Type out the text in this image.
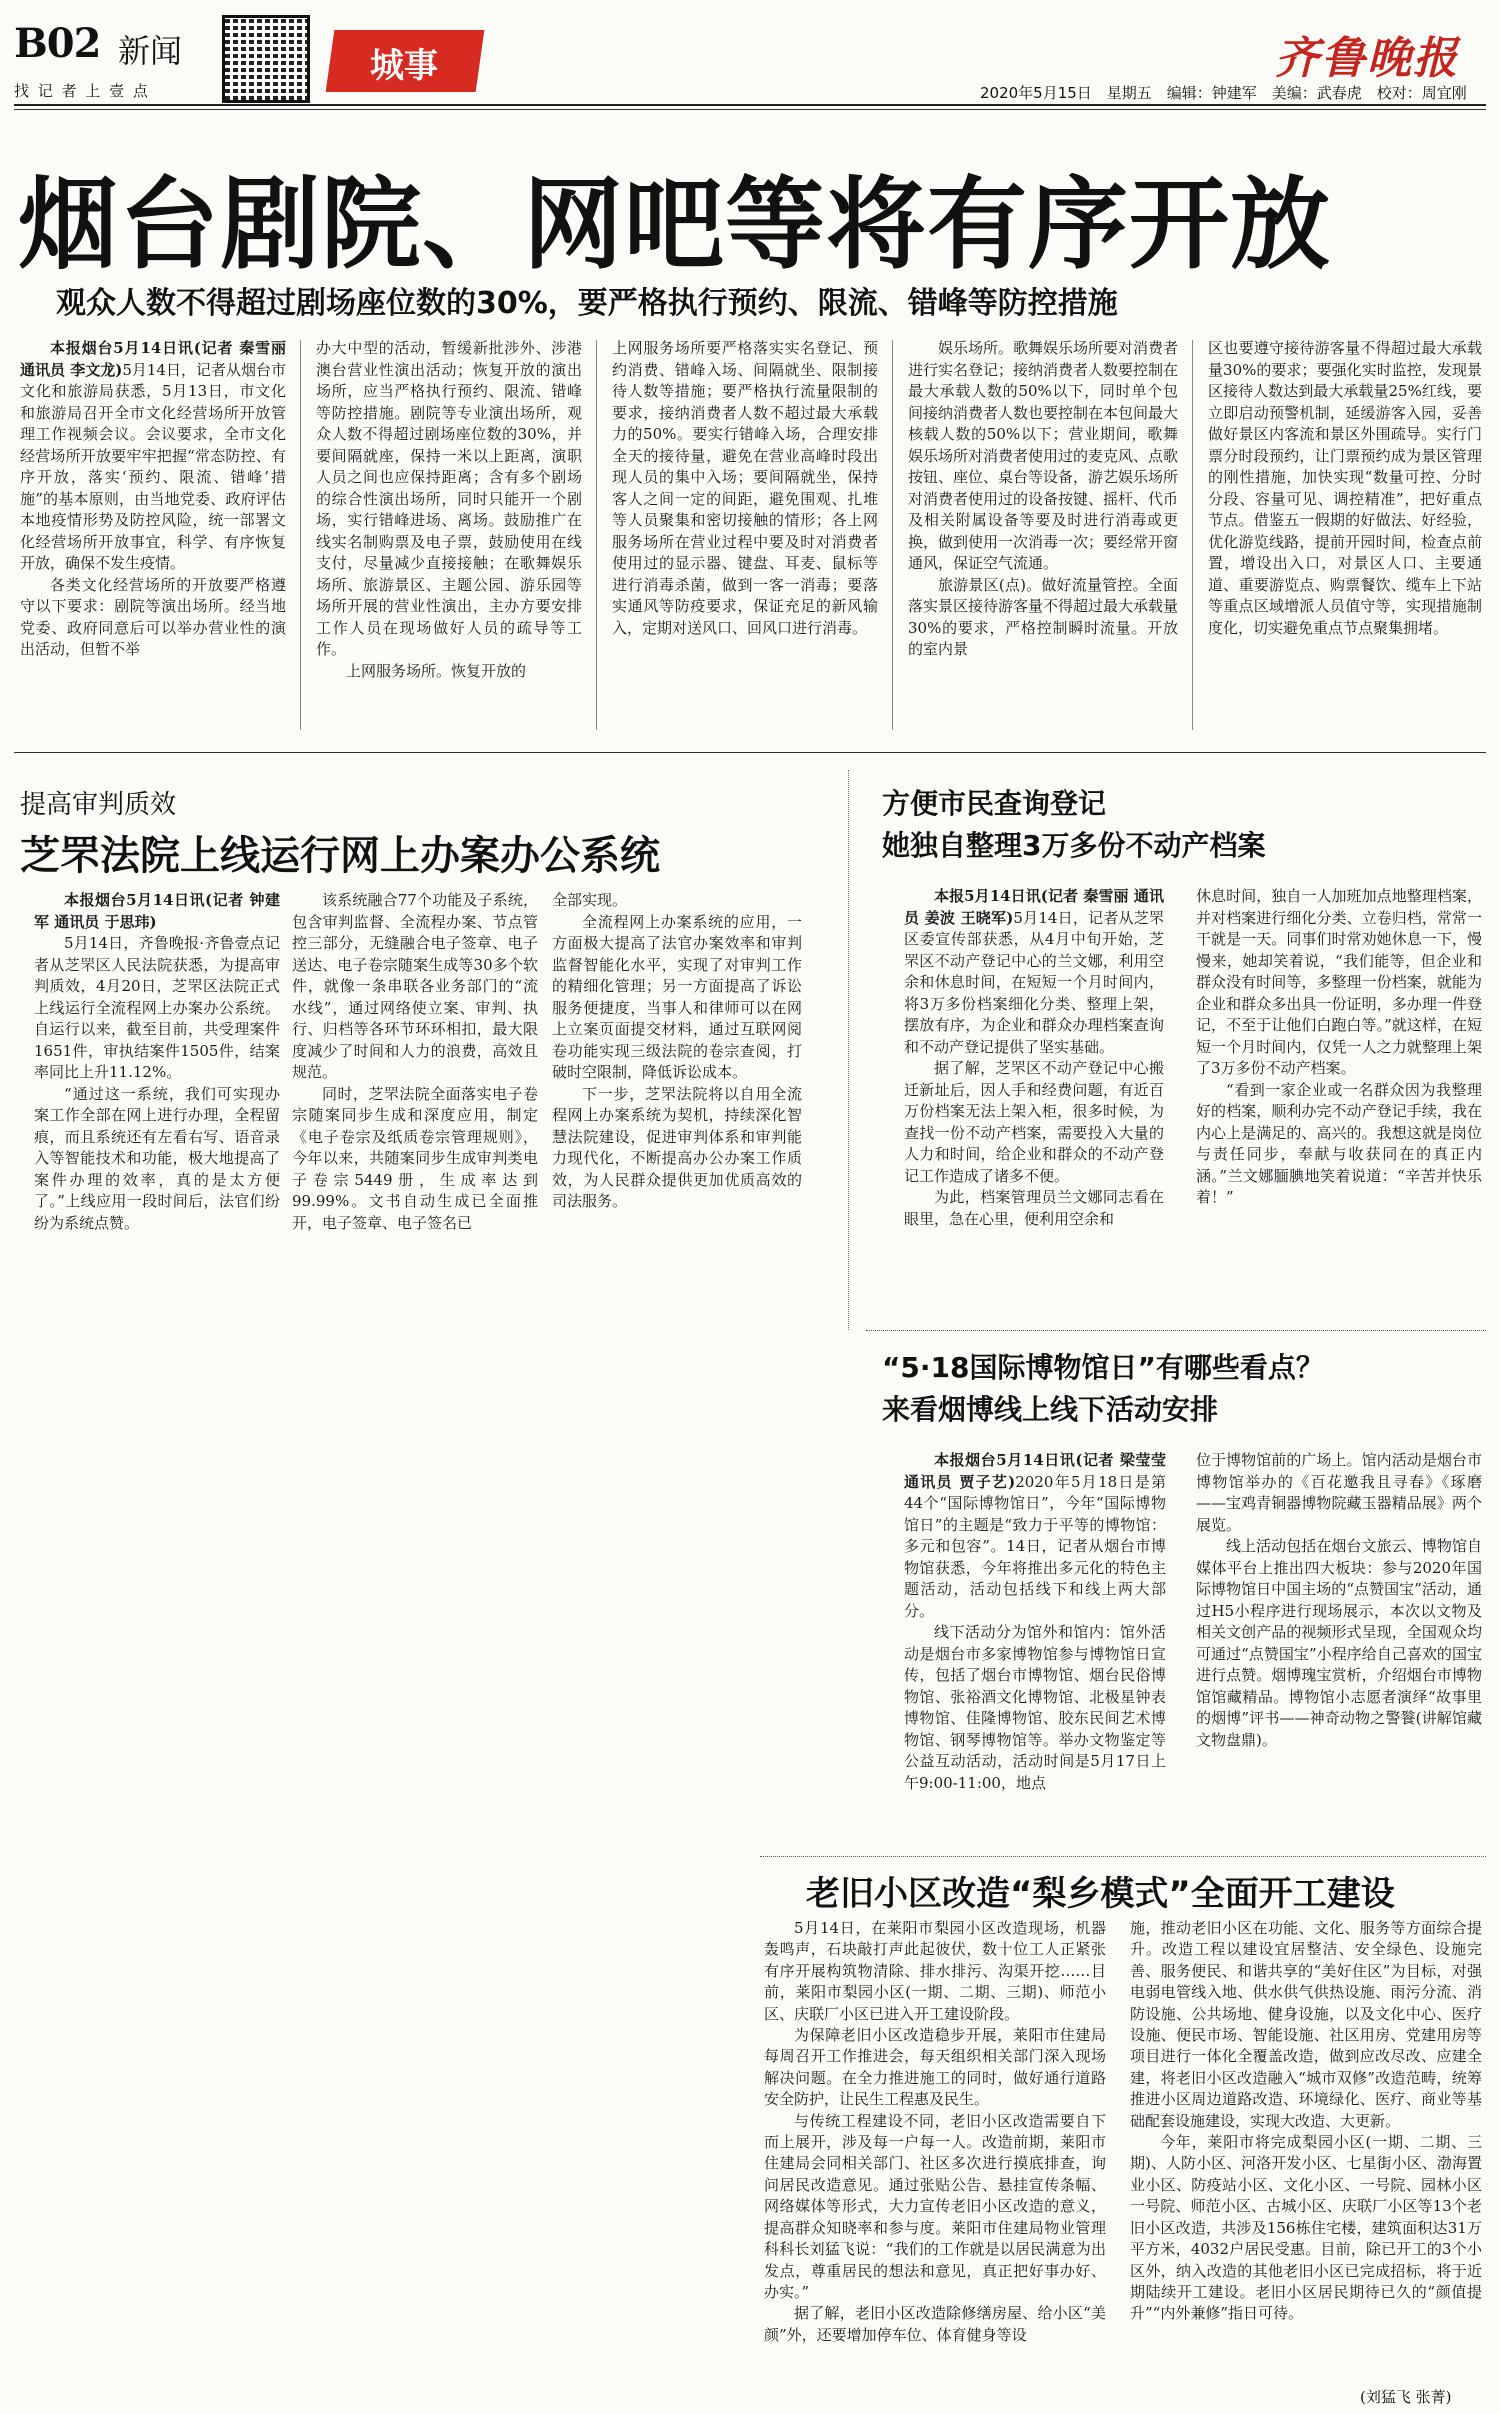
B02 新闻
找 记 者 上 壹 点
城事	齐鲁晚报
2020年5月15日　星期五　编辑：钟建军　美编：武春虎　校对：周宜刚
烟台剧院、网吧等将有序开放
观众人数不得超过剧场座位数的30%，要严格执行预约、限流、错峰等防控措施

本报烟台5月14日讯(记者 秦雪丽 通讯员 李文龙)5月14日，记者从烟台市文化和旅游局获悉，5月13日，市文化和旅游局召开全市文化经营场所开放管理工作视频会议。会议要求，全市文化经营场所开放要牢牢把握“常态防控、有序开放，落实‘预约、限流、错峰’措施”的基本原则，由当地党委、政府评估本地疫情形势及防控风险，统一部署文化经营场所开放事宜，科学、有序恢复开放，确保不发生疫情。

各类文化经营场所的开放要严格遵守以下要求：剧院等演出场所。经当地党委、政府同意后可以举办营业性的演出活动，但暂不举

办大中型的活动，暂缓新批涉外、涉港澳台营业性演出活动；恢复开放的演出场所，应当严格执行预约、限流、错峰等防控措施。剧院等专业演出场所，观众人数不得超过剧场座位数的30%，并要间隔就座，保持一米以上距离，演职人员之间也应保持距离；含有多个剧场的综合性演出场所，同时只能开一个剧场，实行错峰进场、离场。鼓励推广在线实名制购票及电子票，鼓励使用在线支付，尽量减少直接接触；在歌舞娱乐场所、旅游景区、主题公园、游乐园等场所开展的营业性演出，主办方要安排工作人员在现场做好人员的疏导等工作。

上网服务场所。恢复开放的

上网服务场所要严格落实实名登记、预约消费、错峰入场、间隔就坐、限制接待人数等措施；要严格执行流量限制的要求，接纳消费者人数不超过最大承载力的50%。要实行错峰入场，合理安排全天的接待量，避免在营业高峰时段出现人员的集中入场；要间隔就坐，保持客人之间一定的间距，避免围观、扎堆等人员聚集和密切接触的情形；各上网服务场所在营业过程中要及时对消费者使用过的显示器、键盘、耳麦、鼠标等进行消毒杀菌，做到一客一消毒；要落实通风等防疫要求，保证充足的新风输入，定期对送风口、回风口进行消毒。

娱乐场所。歌舞娱乐场所要对消费者进行实名登记；接纳消费者人数要控制在最大承载人数的50%以下，同时单个包间接纳消费者人数也要控制在本包间最大核载人数的50%以下；营业期间，歌舞娱乐场所对消费者使用过的麦克风、点歌按钮、座位、桌台等设备，游艺娱乐场所对消费者使用过的设备按键、摇杆、代币及相关附属设备等要及时进行消毒或更换，做到使用一次消毒一次；要经常开窗通风，保证空气流通。

旅游景区(点)。做好流量管控。全面落实景区接待游客量不得超过最大承载量30%的要求，严格控制瞬时流量。开放的室内景

区也要遵守接待游客量不得超过最大承载量30%的要求；要强化实时监控，发现景区接待人数达到最大承载量25%红线，要立即启动预警机制，延缓游客入园，妥善做好景区内客流和景区外围疏导。实行门票分时段预约，让门票预约成为景区管理的刚性措施，加快实现“数量可控、分时分段、容量可见、调控精准”，把好重点节点。借鉴五一假期的好做法、好经验，优化游览线路，提前开园时间，检查点前置，增设出入口，对景区人口、主要通道、重要游览点、购票餐饮、缆车上下站等重点区域增派人员值守等，实现措施制度化，切实避免重点节点聚集拥堵。

提高审判质效
芝罘法院上线运行网上办案办公系统

本报烟台5月14日讯(记者 钟建军 通讯员 于思玮)

5月14日，齐鲁晚报·齐鲁壹点记者从芝罘区人民法院获悉，为提高审判质效，4月20日，芝罘区法院正式上线运行全流程网上办案办公系统。自运行以来，截至目前，共受理案件1651件，审执结案件1505件，结案率同比上升11.12%。

“通过这一系统，我们可实现办案工作全部在网上进行办理，全程留痕，而且系统还有左看右写、语音录入等智能技术和功能，极大地提高了案件办理的效率，真的是太方便了。”上线应用一段时间后，法官们纷纷为系统点赞。

该系统融合77个功能及子系统，包含审判监督、全流程办案、节点管控三部分，无缝融合电子签章、电子送达、电子卷宗随案生成等30多个软件，就像一条串联各业务部门的“流水线”，通过网络使立案、审判、执行、归档等各环节环环相扣，最大限度减少了时间和人力的浪费，高效且规范。

同时，芝罘法院全面落实电子卷宗随案同步生成和深度应用，制定《电子卷宗及纸质卷宗管理规则》，今年以来，共随案同步生成审判类电子卷宗5449册，生成率达到99.99%。文书自动生成已全面推开，电子签章、电子签名已

全部实现。

全流程网上办案系统的应用，一方面极大提高了法官办案效率和审判监督智能化水平，实现了对审判工作的精细化管理；另一方面提高了诉讼服务便捷度，当事人和律师可以在网上立案页面提交材料，通过互联网阅卷功能实现三级法院的卷宗查阅，打破时空限制，降低诉讼成本。

下一步，芝罘法院将以自用全流程网上办案系统为契机，持续深化智慧法院建设，促进审判体系和审判能力现代化，不断提高办公办案工作质效，为人民群众提供更加优质高效的司法服务。

方便市民查询登记
她独自整理3万多份不动产档案

本报5月14日讯(记者 秦雪丽 通讯员 姜波 王晓军)5月14日，记者从芝罘区委宣传部获悉，从4月中旬开始，芝罘区不动产登记中心的兰文娜，利用空余和休息时间，在短短一个月时间内，将3万多份档案细化分类、整理上架，摆放有序，为企业和群众办理档案查询和不动产登记提供了坚实基础。

据了解，芝罘区不动产登记中心搬迁新址后，因人手和经费问题，有近百万份档案无法上架入柜，很多时候，为查找一份不动产档案，需要投入大量的人力和时间，给企业和群众的不动产登记工作造成了诸多不便。

为此，档案管理员兰文娜同志看在眼里，急在心里，便利用空余和

休息时间，独自一人加班加点地整理档案，并对档案进行细化分类、立卷归档，常常一干就是一天。同事们时常劝她休息一下，慢慢来，她却笑着说，“我们能等，但企业和群众没有时间等，多整理一份档案，就能为企业和群众多出具一份证明，多办理一件登记，不至于让他们白跑白等。”就这样，在短短一个月时间内，仅凭一人之力就整理上架了3万多份不动产档案。

“看到一家企业或一名群众因为我整理好的档案，顺利办完不动产登记手续，我在内心上是满足的、高兴的。我想这就是岗位与责任同步，奉献与收获同在的真正内涵。”兰文娜腼腆地笑着说道：“辛苦并快乐着！”

“5·18国际博物馆日”有哪些看点？
来看烟博线上线下活动安排

本报烟台5月14日讯(记者 梁莹莹 通讯员 贾子艺)2020年5月18日是第44个“国际博物馆日”，今年“国际博物馆日”的主题是“致力于平等的博物馆：多元和包容”。14日，记者从烟台市博物馆获悉，今年将推出多元化的特色主题活动，活动包括线下和线上两大部分。

线下活动分为馆外和馆内：馆外活动是烟台市多家博物馆参与博物馆日宣传，包括了烟台市博物馆、烟台民俗博物馆、张裕酒文化博物馆、北极星钟表博物馆、佳隆博物馆、胶东民间艺术博物馆、钢琴博物馆等。举办文物鉴定等公益互动活动，活动时间是5月17日上午9:00-11:00，地点

位于博物馆前的广场上。馆内活动是烟台市博物馆举办的《百花邀我且寻春》《琢磨——宝鸡青铜器博物院藏玉器精品展》两个展览。

线上活动包括在烟台文旅云、博物馆自媒体平台上推出四大板块：参与2020年国际博物馆日中国主场的“点赞国宝”活动，通过H5小程序进行现场展示，本次以文物及相关文创产品的视频形式呈现，全国观众均可通过“点赞国宝”小程序给自己喜欢的国宝进行点赞。烟博瑰宝赏析，介绍烟台市博物馆馆藏精品。博物馆小志愿者演绎“故事里的烟博”评书——神奇动物之警餮(讲解馆藏文物盘鼎)。

老旧小区改造“梨乡模式”全面开工建设

5月14日，在莱阳市梨园小区改造现场，机器轰鸣声，石块敲打声此起彼伏，数十位工人正紧张有序开展构筑物清除、排水排污、沟渠开挖……目前，莱阳市梨园小区(一期、二期、三期)、师范小区、庆联厂小区已进入开工建设阶段。

为保障老旧小区改造稳步开展，莱阳市住建局每周召开工作推进会，每天组织相关部门深入现场解决问题。在全力推进施工的同时，做好通行道路安全防护，让民生工程惠及民生。

与传统工程建设不同，老旧小区改造需要自下而上展开，涉及每一户每一人。改造前期，莱阳市住建局会同相关部门、社区多次进行摸底排查，询问居民改造意见。通过张贴公告、悬挂宣传条幅、网络媒体等形式，大力宣传老旧小区改造的意义，提高群众知晓率和参与度。莱阳市住建局物业管理科科长刘猛飞说：“我们的工作就是以居民满意为出发点，尊重居民的想法和意见，真正把好事办好、办实。”

据了解，老旧小区改造除修缮房屋、给小区“美颜”外，还要增加停车位、体育健身等设

施，推动老旧小区在功能、文化、服务等方面综合提升。改造工程以建设宜居整洁、安全绿色、设施完善、服务便民、和谐共享的“美好住区”为目标，对强电弱电管线入地、供水供气供热设施、雨污分流、消防设施、公共场地、健身设施，以及文化中心、医疗设施、便民市场、智能设施、社区用房、党建用房等项目进行一体化全覆盖改造，做到应改尽改、应建全建，将老旧小区改造融入“城市双修”改造范畴，统筹推进小区周边道路改造、环境绿化、医疗、商业等基础配套设施建设，实现大改造、大更新。

今年，莱阳市将完成梨园小区(一期、二期、三期)、人防小区、河洛开发小区、七星街小区、渤海置业小区、防疫站小区、文化小区、一号院、园林小区一号院、师范小区、古城小区、庆联厂小区等13个老旧小区改造，共涉及156栋住宅楼，建筑面积达31万平方米，4032户居民受惠。目前，除已开工的3个小区外，纳入改造的其他老旧小区已完成招标，将于近期陆续开工建设。老旧小区居民期待已久的“颜值提升”“内外兼修”指日可待。

(刘猛飞 张菁)
